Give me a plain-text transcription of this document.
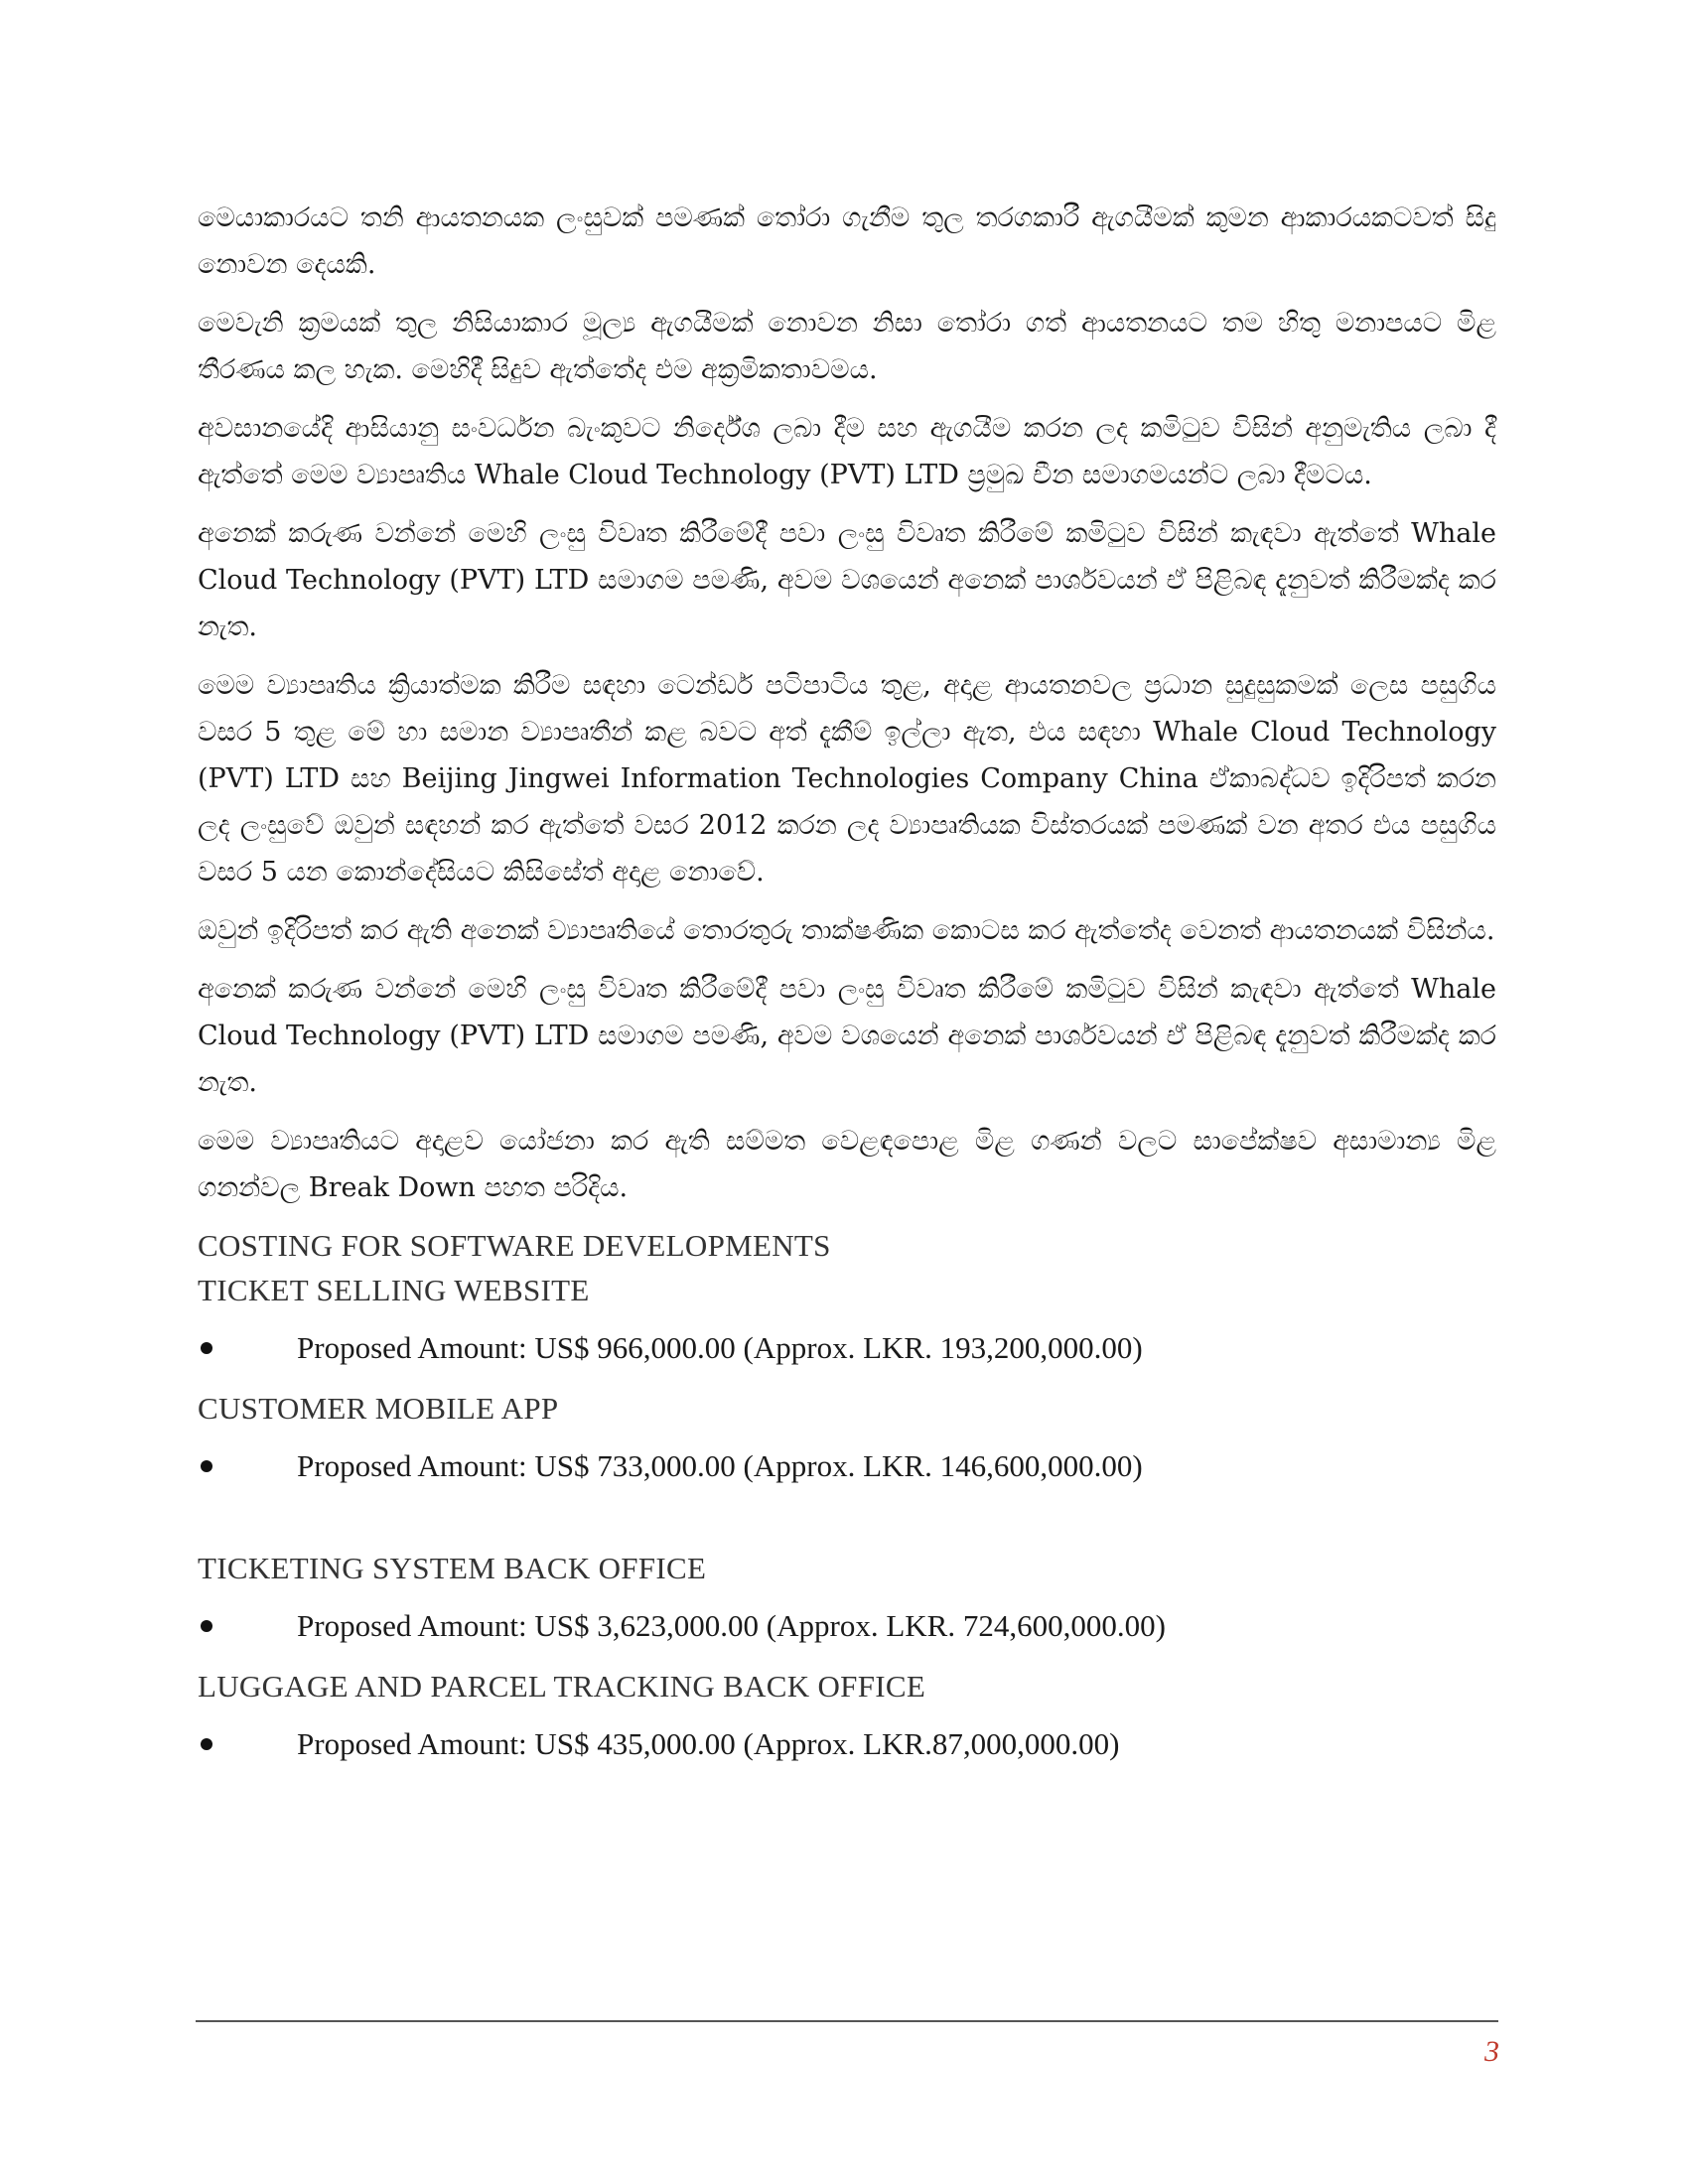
මෙයාකාරයට තනි ආයතනයක ලංසුවක් පමණක් තෝරා ගැනීම තුල තරගකාරී ඇගයීමක් කුමන ආකාරයකටවත් සිදු නොවන දෙයකි.

මෙවැනි ක්‍රමයක් තුල නිසියාකාර මූල්‍ය ඇගයීමක් නොවන නිසා තෝරා ගත් ආයතනයට තම හිතු මනාපයට මිළ තීරණය කල හැක. මෙහිදී සිදුව ඇත්තේද එම අක්‍රමිකතාවමය.

අවසානයේදි ආසියානු සංවර්ධන බැංකුවට නිර්දේශ ලබා දීම සහ ඇගයීම කරන ලද කමිටුව විසින් අනුමැතිය ලබා දී ඇත්තේ මෙම ව්‍යාපෘතිය Whale Cloud Technology (PVT) LTD ප්‍රමුඛ චීන සමාගමයන්ට ලබා දීමටය.

අනෙක් කරුණ වන්නේ මෙහි ලංසු විවෘත කිරීමේදී පවා ලංසු විවෘත කිරීමේ කමිටුව විසින් කැඳවා ඇත්තේ Whale Cloud Technology (PVT) LTD සමාගම පමණි, අවම වශයෙන් අනෙක් පාර්ශවයන් ඒ පිළිබඳ දැනුවත් කිරීමක්ද කර නැත.

මෙම ව්‍යාපෘතිය ක්‍රියාත්මක කිරීම සඳහා ටෙන්ඩර් පටිපාටිය තුළ, අදාළ ආයතනවල ප්‍රධාන සුදුසුකමක් ලෙස පසුගිය වසර 5 තුළ මේ හා සමාන ව්‍යාපෘතීන් කළ බවට අත් දැකීම් ඉල්ලා ඇත, එය සඳහා Whale Cloud Technology (PVT) LTD සහ Beijing Jingwei Information Technologies Company China ඒකාබද්ධව ඉදිරිපත් කරන ලද ලංසුවේ ඔවුන් සඳහන් කර ඇත්තේ වසර 2012 කරන ලද ව්‍යාපෘතියක විස්තරයක් පමණක් වන අතර එය පසුගිය වසර 5 යන කොන්දේසියට කිසිසේත් අදාළ නොවේ.

ඔවුන් ඉදිරිපත් කර ඇති අනෙක් ව්‍යාපෘතියේ තොරතුරු තාක්ෂණික කොටස කර ඇත්තේද වෙනත් ආයතනයක් විසින්ය.

අනෙක් කරුණ වන්නේ මෙහි ලංසු විවෘත කිරීමේදී පවා ලංසු විවෘත කිරීමේ කමිටුව විසින් කැඳවා ඇත්තේ Whale Cloud Technology (PVT) LTD සමාගම පමණි, අවම වශයෙන් අනෙක් පාර්ශවයන් ඒ පිළිබඳ දැනුවත් කිරීමක්ද කර නැත.

මෙම ව්‍යාපෘතියට අදාළව යෝජනා කර ඇති සම්මත වෙළඳපොළ මිළ ගණන් වලට සාපේක්ෂව අසාමාන්‍ය මිළ ගනන්වල Break Down පහත පරිදිය.

COSTING FOR SOFTWARE DEVELOPMENTS
TICKET SELLING WEBSITE
Proposed Amount: US$ 966,000.00 (Approx. LKR. 193,200,000.00)
CUSTOMER MOBILE APP
Proposed Amount: US$ 733,000.00 (Approx. LKR. 146,600,000.00)
TICKETING SYSTEM BACK OFFICE
Proposed Amount: US$ 3,623,000.00 (Approx. LKR. 724,600,000.00)
LUGGAGE AND PARCEL TRACKING BACK OFFICE
Proposed Amount: US$ 435,000.00 (Approx. LKR.87,000,000.00)
3
